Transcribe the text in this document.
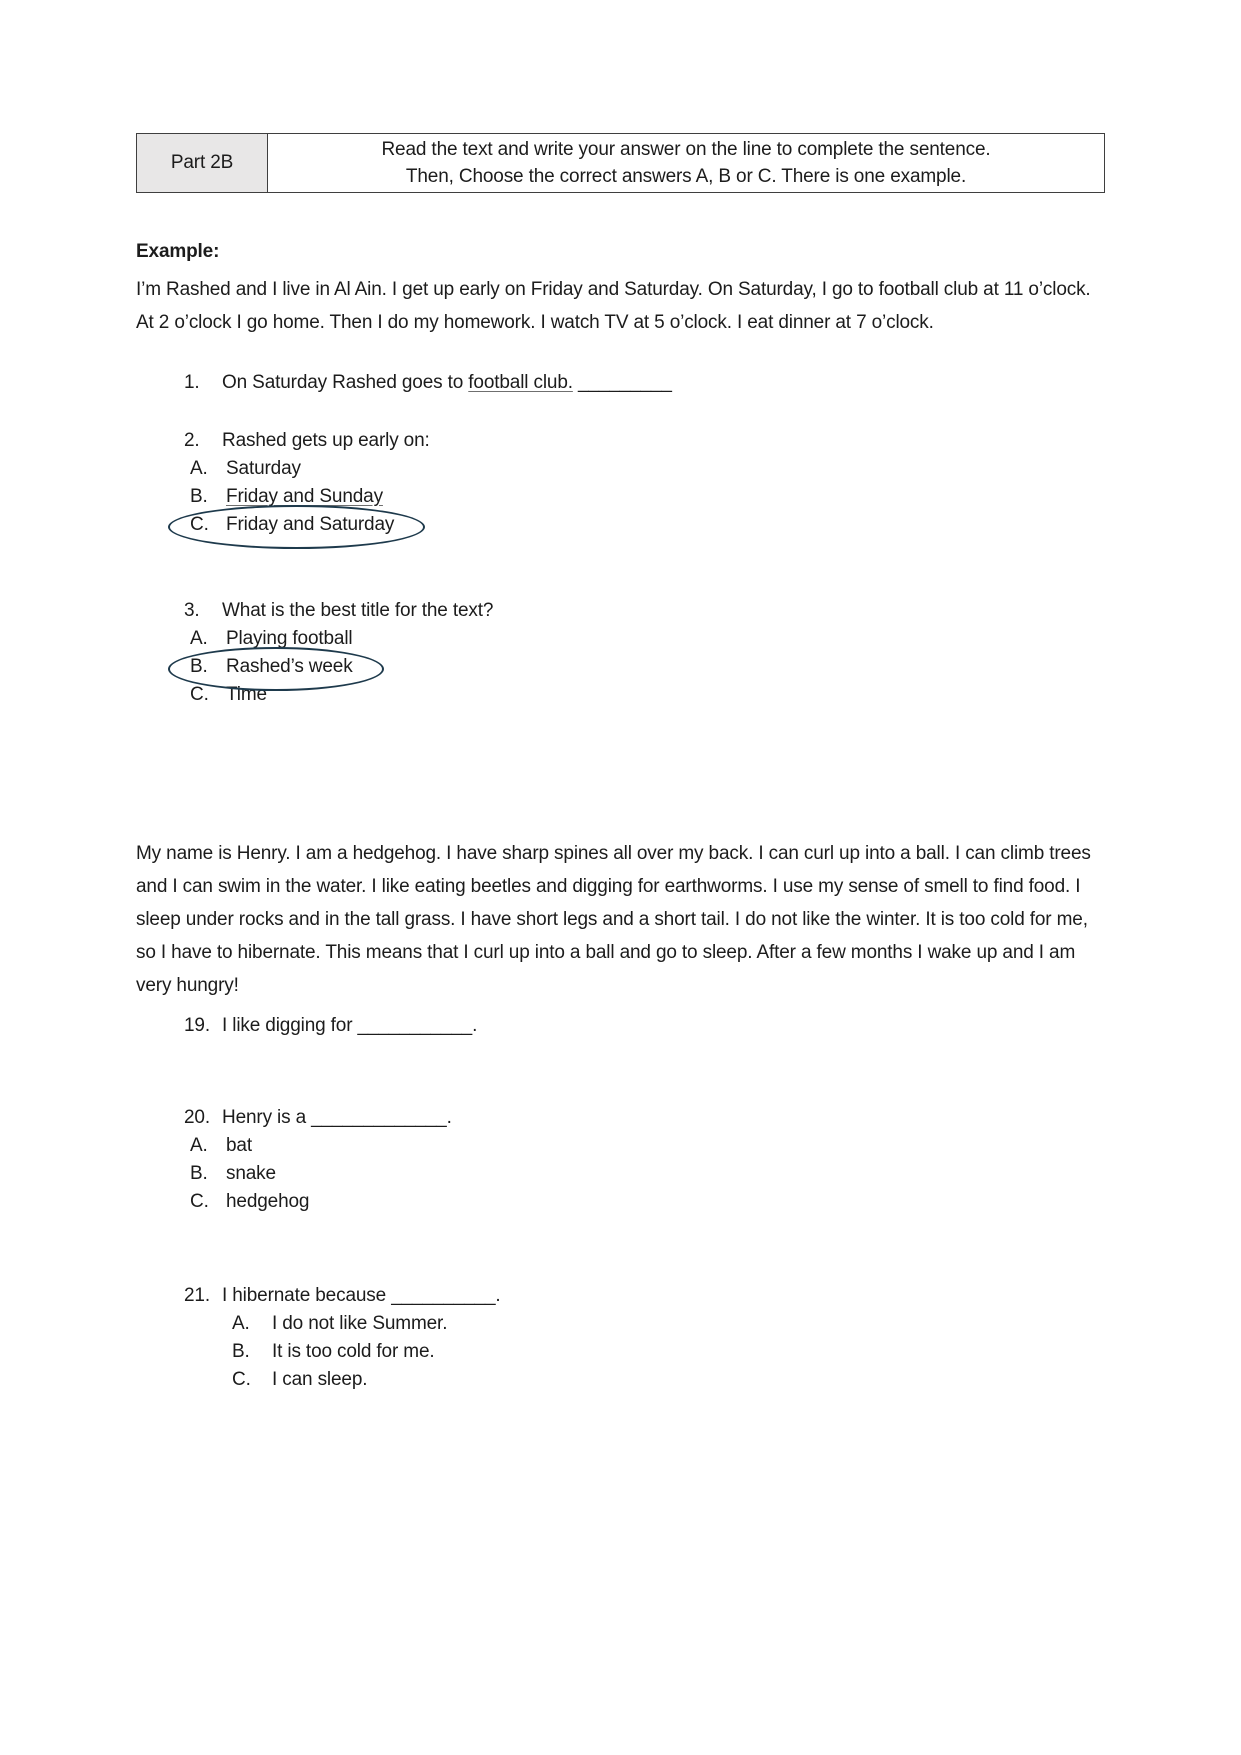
Part 2B	
Read the text and write your answer on the line to complete the sentence.
Then, Choose the correct answers A, B or C. There is one example.
Example:

I’m Rashed and I live in Al Ain. I get up early on Friday and Saturday. On Saturday, I go to football club at 11 o’clock. At 2 o’clock I go home. Then I do my homework. I watch TV at 5 o’clock. I eat dinner at 7 o’clock.

1.	On Saturday Rashed goes to football club. _________
2.	Rashed gets up early on:
A. Saturday
B. Friday and Sunday
C. Friday and Saturday
3.	What is the best title for the text?
A. Playing football
B. Rashed’s week
C. Time

My name is Henry. I am a hedgehog. I have sharp spines all over my back. I can curl up into a ball. I can climb trees and I can swim in the water. I like eating beetles and digging for earthworms. I use my sense of smell to find food. I sleep under rocks and in the tall grass. I have short legs and a short tail. I do not like the winter. It is too cold for me, so I have to hibernate. This means that I curl up into a ball and go to sleep. After a few months I wake up and I am very hungry!

19. I like digging for ___________.
20. Henry is a _____________.
A. bat
B. snake
C. hedgehog
21. I hibernate because __________.
A.	I do not like Summer.
B.	It is too cold for me.
C.	I can sleep.
